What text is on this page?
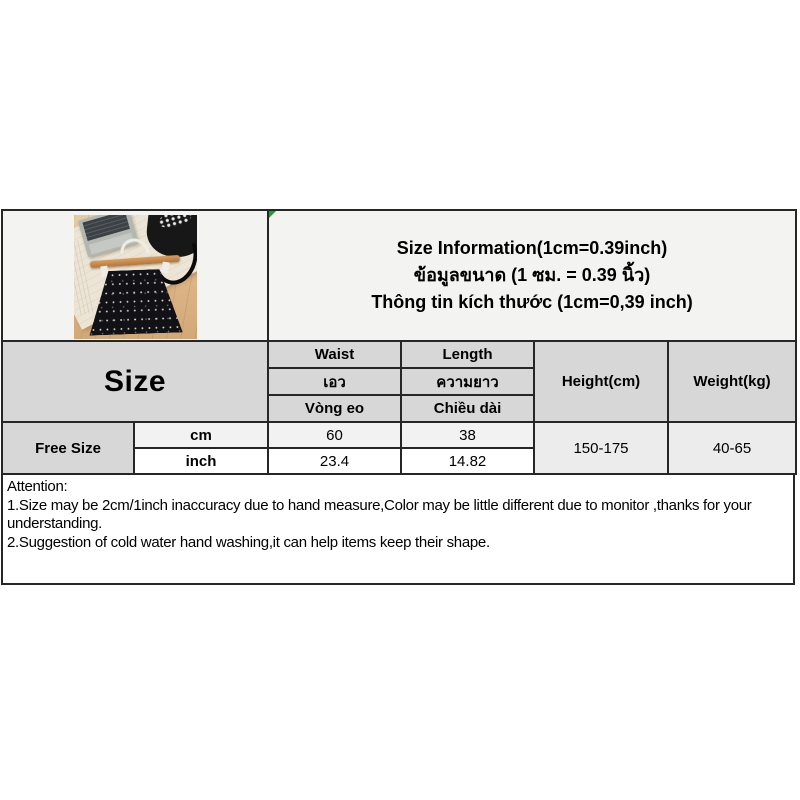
		Size Information(1cm=0.39inch)
ข้อมูลขนาด (1 ซม. = 0.39 นิ้ว)
Thông tin kích thước (1cm=0,39 inch)			

Size		Waist	Length	Height(cm)	Weight(kg)
		เอว	ความยาว		
		Vòng eo	Chiều dài		
Free Size	cm	60	38	150-175	40-65
	inch	23.4	14.82		
Attention:
1.Size may be 2cm/1inch inaccuracy due to hand measure,Color may be little different due to monitor ,thanks for your understanding.
2.Suggestion of cold water hand washing,it can help items keep their shape.
